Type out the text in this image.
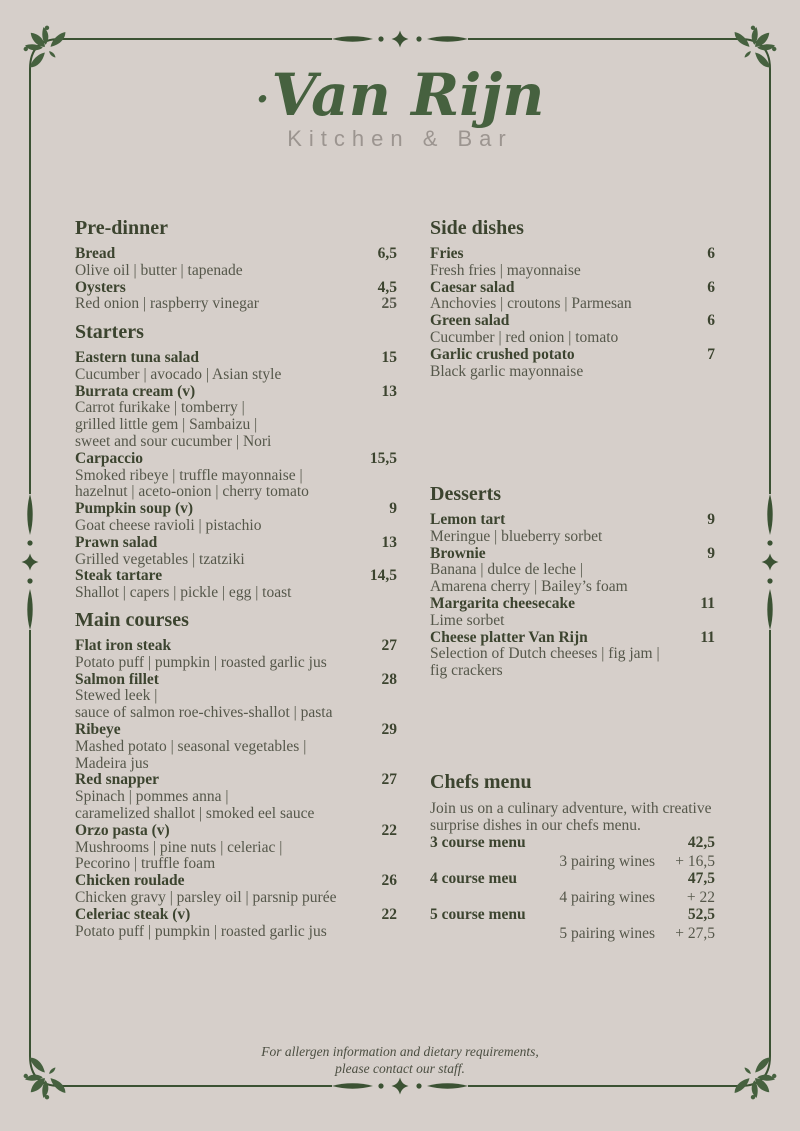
·Van Rijn
Kitchen & Bar
Pre-dinner
Bread	6,5
Olive oil | butter | tapenade
Oysters	4,5
Red onion | raspberry vinegar	25
Starters
Eastern tuna salad	15
Cucumber | avocado | Asian style
Burrata cream (v)	13
Carrot furikake | tomberry |
grilled little gem | Sambaizu |
sweet and sour cucumber | Nori
Carpaccio	15,5
Smoked ribeye | truffle mayonnaise |
hazelnut | aceto-onion | cherry tomato
Pumpkin soup (v)	9
Goat cheese ravioli | pistachio
Prawn salad	13
Grilled vegetables | tzatziki
Steak tartare	14,5
Shallot | capers | pickle | egg | toast
Main courses
Flat iron steak	27
Potato puff | pumpkin | roasted garlic jus
Salmon fillet	28
Stewed leek |
sauce of salmon roe-chives-shallot | pasta
Ribeye	29
Mashed potato | seasonal vegetables |
Madeira jus
Red snapper	27
Spinach | pommes anna |
caramelized shallot | smoked eel sauce
Orzo pasta (v)	22
Mushrooms | pine nuts | celeriac |
Pecorino | truffle foam
Chicken roulade	26
Chicken gravy | parsley oil | parsnip purée
Celeriac steak (v)	22
Potato puff | pumpkin | roasted garlic jus
Side dishes
Fries	6
Fresh fries | mayonnaise
Caesar salad	6
Anchovies | croutons | Parmesan
Green salad	6
Cucumber | red onion | tomato
Garlic crushed potato	7
Black garlic mayonnaise
Desserts
Lemon tart	9
Meringue | blueberry sorbet
Brownie	9
Banana | dulce de leche |
Amarena cherry | Bailey’s foam
Margarita cheesecake	11
Lime sorbet
Cheese platter Van Rijn	11
Selection of Dutch cheeses | fig jam |
fig crackers
Chefs menu
Join us on a culinary adventure, with creative
surprise dishes in our chefs menu.
3 course menu	42,5
3 pairing wines	+ 16,5
4 course meu	47,5
4 pairing wines	+ 22
5 course menu	52,5
5 pairing wines	+ 27,5
For allergen information and dietary requirements,
please contact our staff.
